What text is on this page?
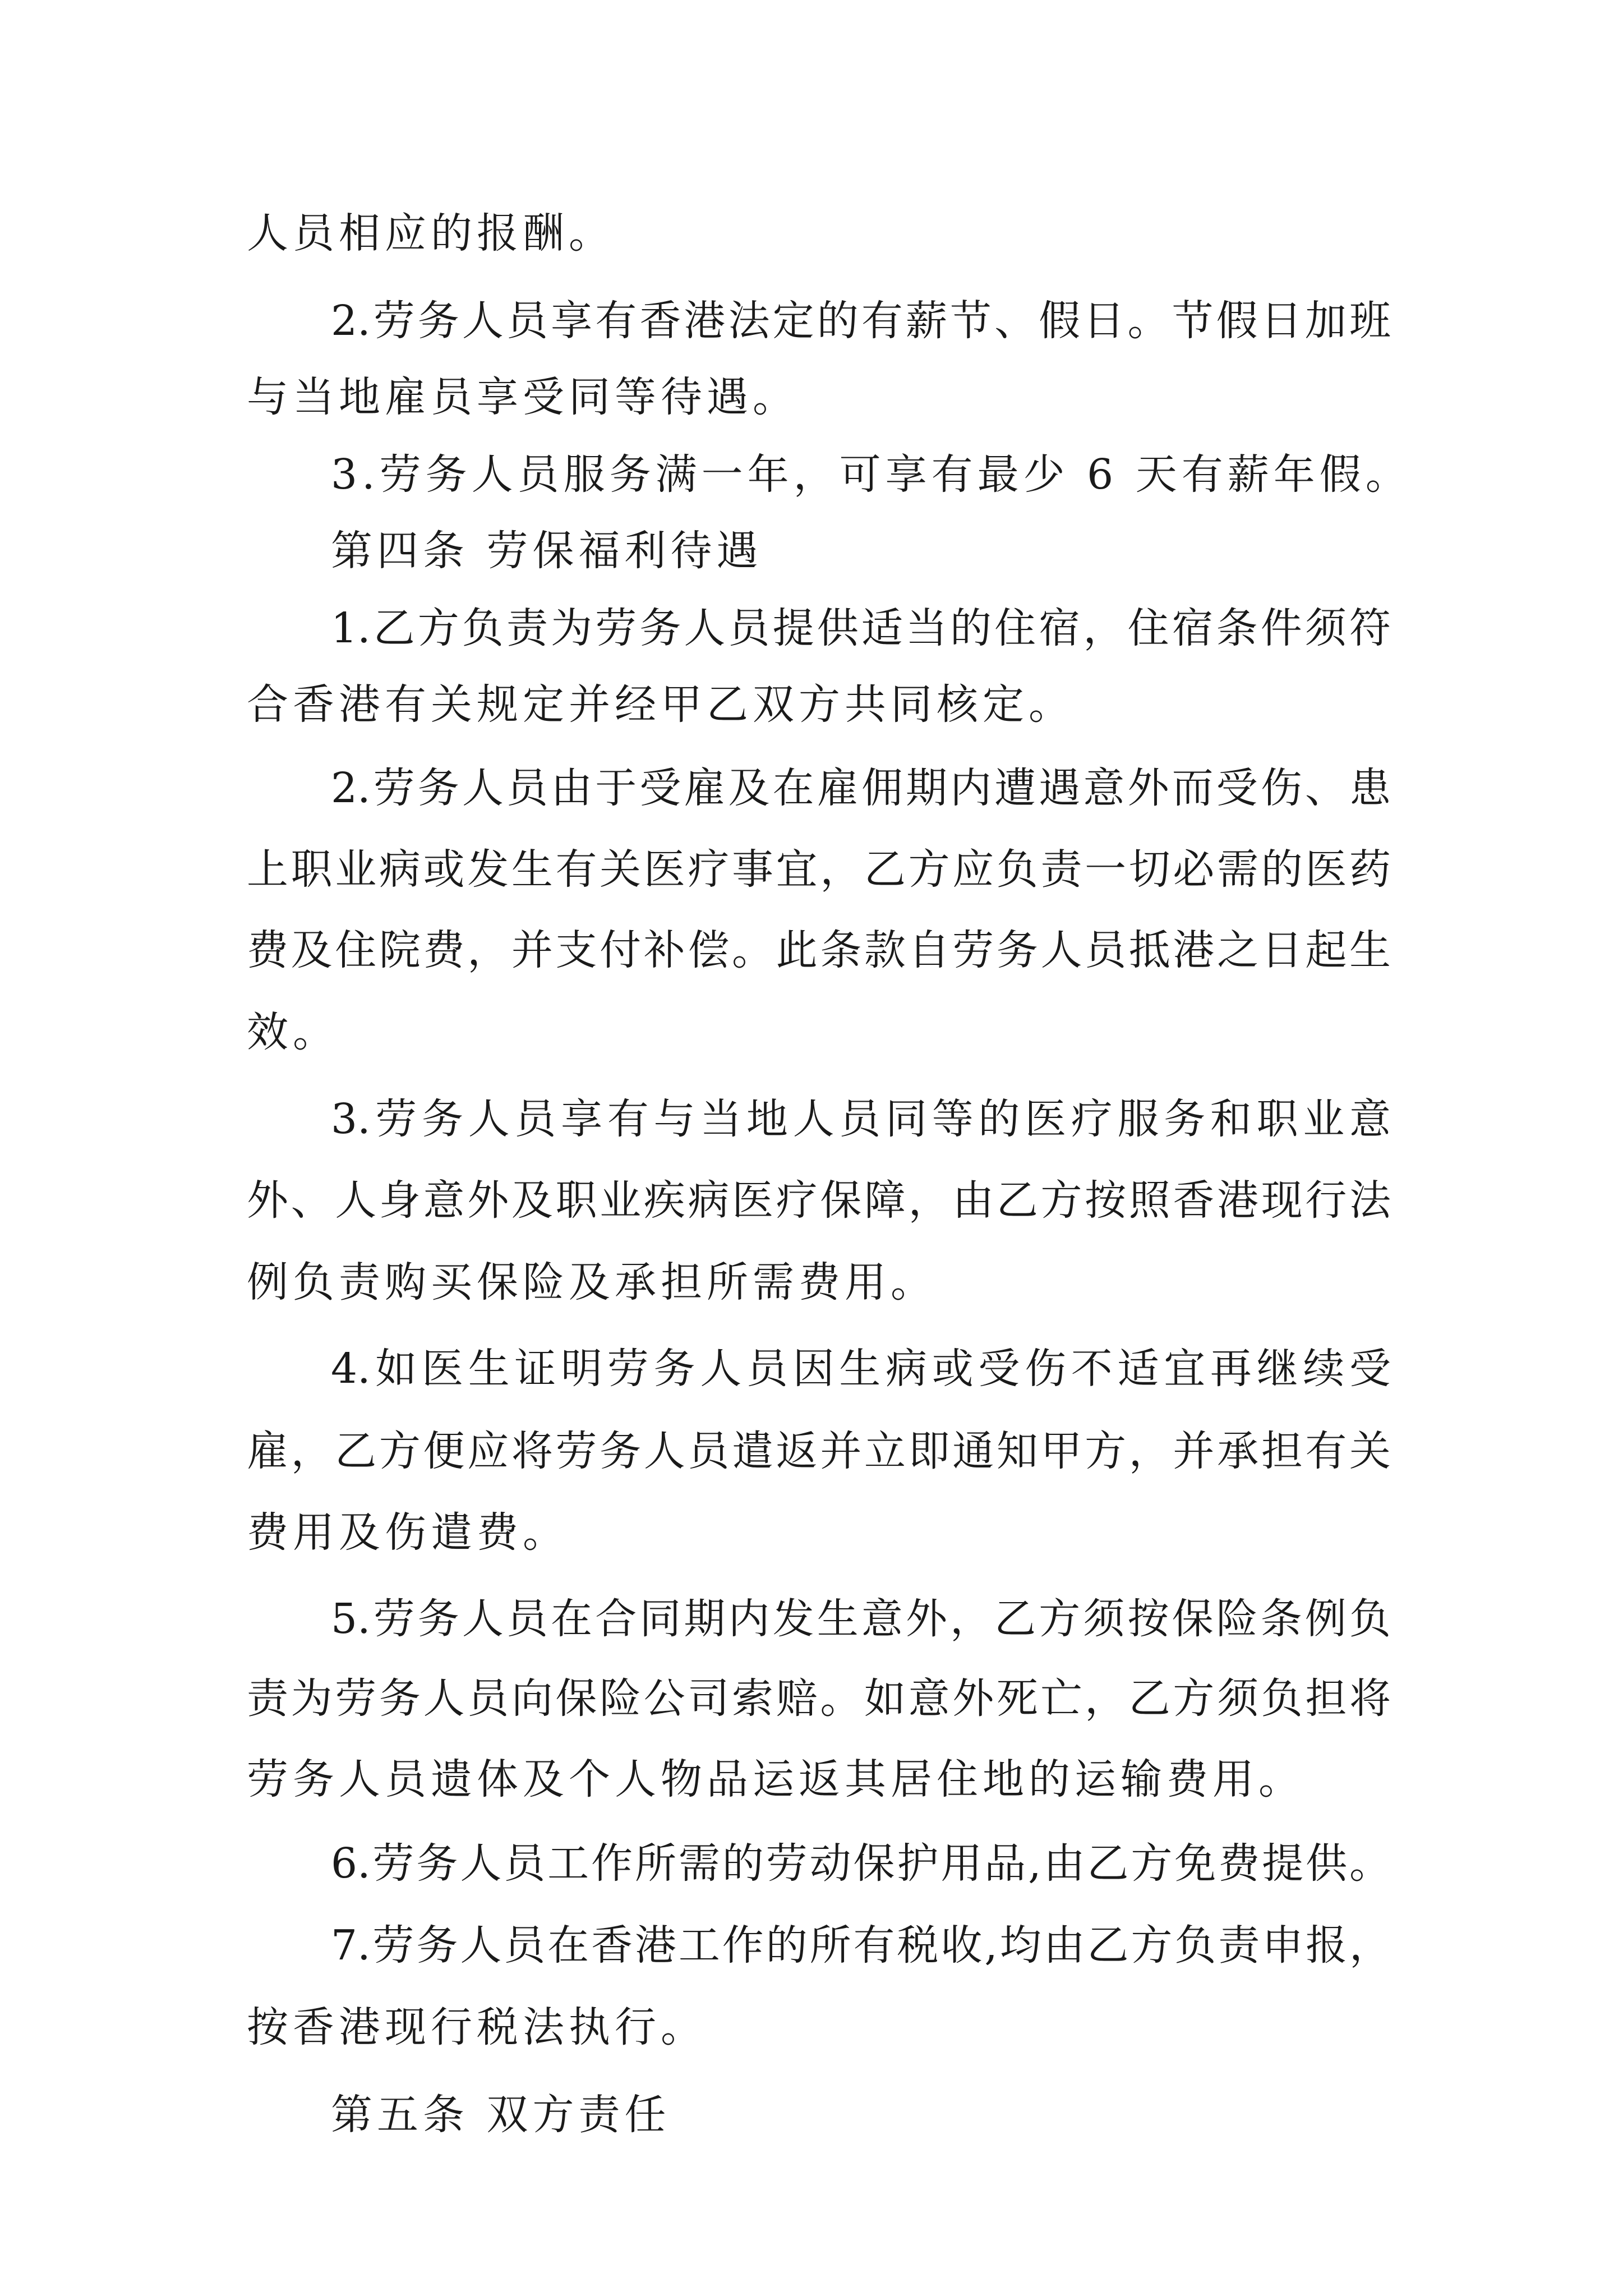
人员相应的报酬。
2.劳务人员享有香港法定的有薪节、假日。节假日加班
与当地雇员享受同等待遇。
3.劳务人员服务满一年，可享有最少 6 天有薪年假。
第四条 劳保福利待遇
1.乙方负责为劳务人员提供适当的住宿，住宿条件须符
合香港有关规定并经甲乙双方共同核定。
2.劳务人员由于受雇及在雇佣期内遭遇意外而受伤、患
上职业病或发生有关医疗事宜，乙方应负责一切必需的医药
费及住院费，并支付补偿。此条款自劳务人员抵港之日起生
效。
3.劳务人员享有与当地人员同等的医疗服务和职业意
外、人身意外及职业疾病医疗保障，由乙方按照香港现行法
例负责购买保险及承担所需费用。
4.如医生证明劳务人员因生病或受伤不适宜再继续受
雇，乙方便应将劳务人员遣返并立即通知甲方，并承担有关
费用及伤遣费。
5.劳务人员在合同期内发生意外，乙方须按保险条例负
责为劳务人员向保险公司索赔。如意外死亡，乙方须负担将
劳务人员遗体及个人物品运返其居住地的运输费用。
6.劳务人员工作所需的劳动保护用品,由乙方免费提供。
7.劳务人员在香港工作的所有税收,均由乙方负责申报，
按香港现行税法执行。
第五条 双方责任
